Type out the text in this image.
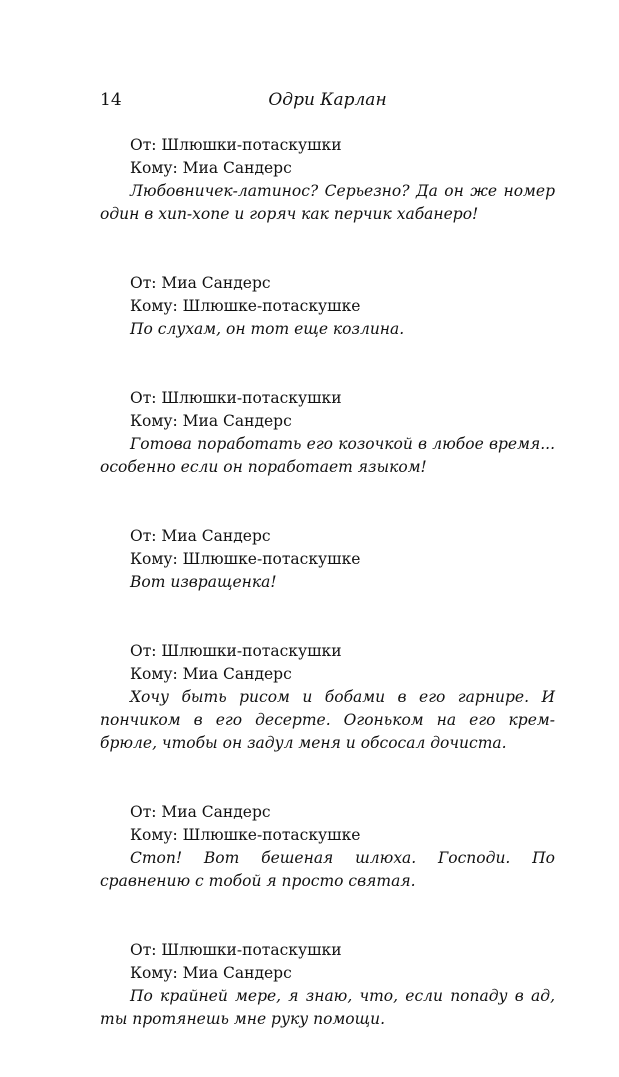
14	Одри Карлан
От: Шлюшки-потаскушки
Кому: Миа Сандерс

Любовничек-латинос? Серьезно? Да он же номер один в хип-хопе и горяч как перчик хабанеро!

От: Миа Сандерс
Кому: Шлюшке-потаскушке

По слухам, он тот еще козлина.

От: Шлюшки-потаскушки
Кому: Миа Сандерс

Готова поработать его козочкой в любое время... особенно если он поработает языком!

От: Миа Сандерс
Кому: Шлюшке-потаскушке

Вот извращенка!

От: Шлюшки-потаскушки
Кому: Миа Сандерс

Хочу быть рисом и бобами в его гарнире. И пончиком в его десерте. Огоньком на его крем-брюле, чтобы он задул меня и обсосал дочиста.

От: Миа Сандерс
Кому: Шлюшке-потаскушке

Стоп! Вот бешеная шлюха. Господи. По сравнению с тобой я просто святая.

От: Шлюшки-потаскушки
Кому: Миа Сандерс

По крайней мере, я знаю, что, если попаду в ад, ты протянешь мне руку помощи.
